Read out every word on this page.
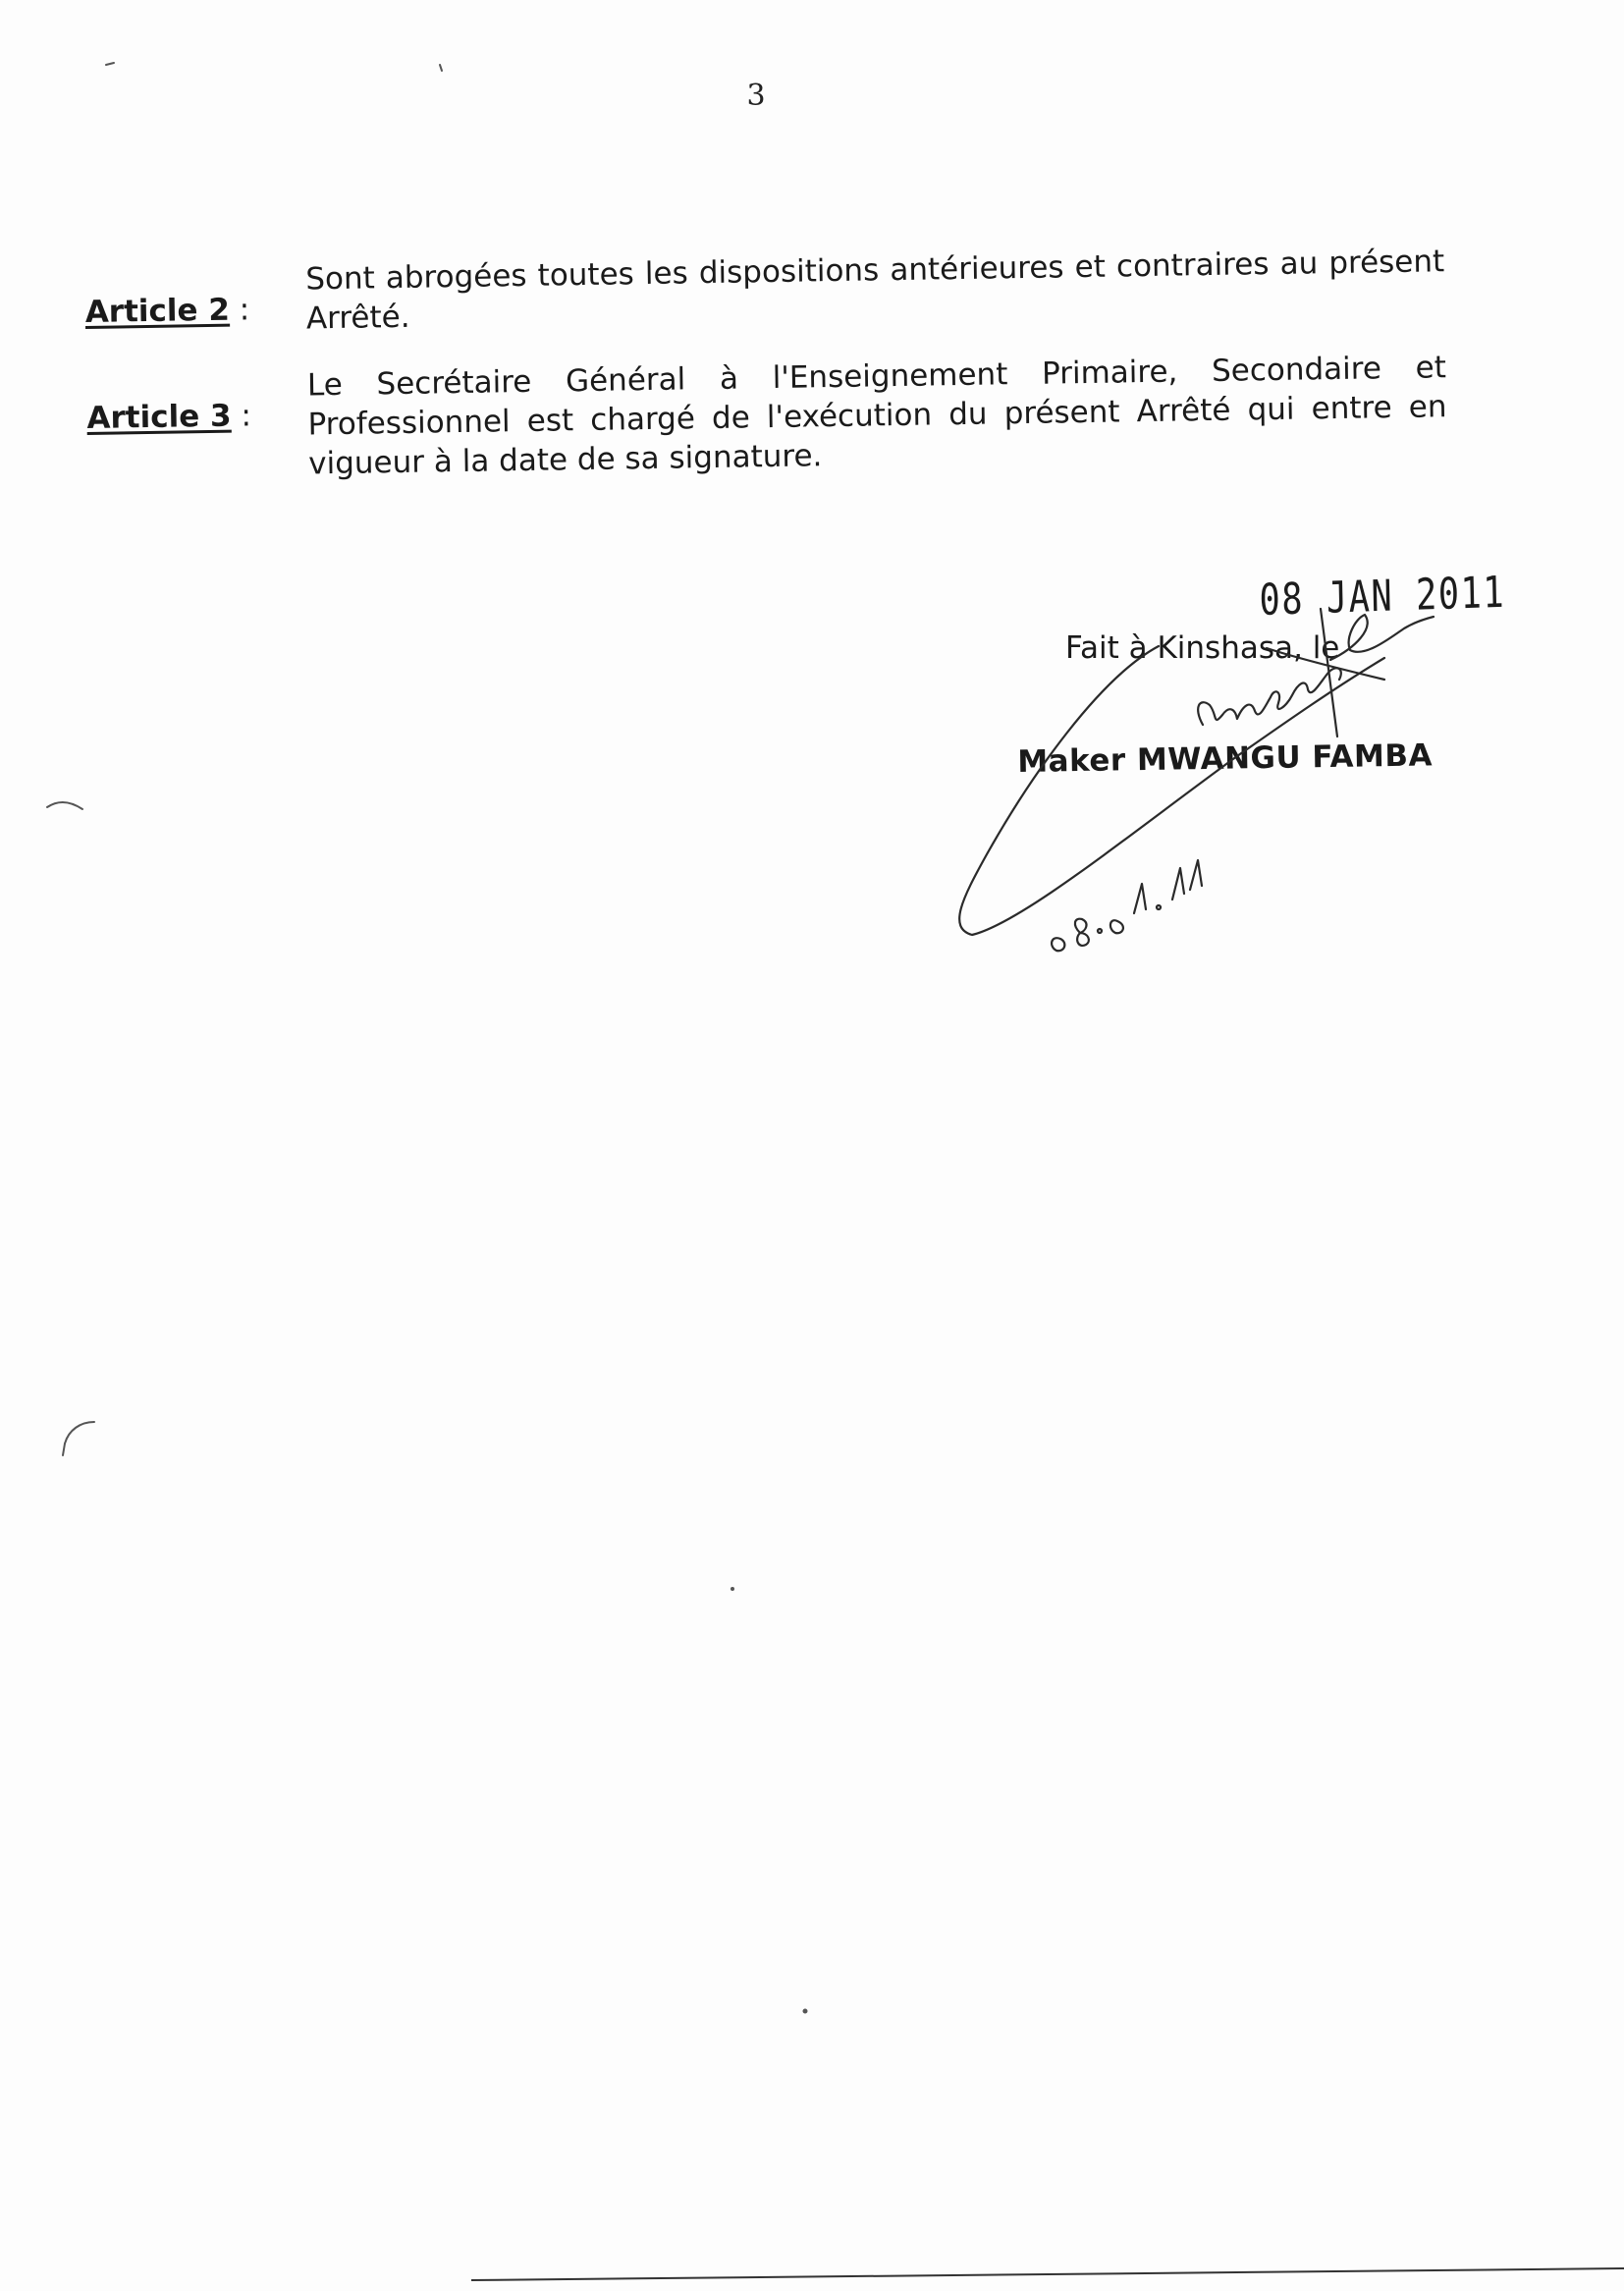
3
Article 2 :
Sont abrogées toutes les dispositions antérieures et contraires au présent Arrêté.
Article 3 :
Le Secrétaire Général à l'Enseignement Primaire, Secondaire et Professionnel est chargé de l'exécution du présent Arrêté qui entre en vigueur à la date de sa signature.
08 JAN 2011
Fait à Kinshasa, le
Maker MWANGU FAMBA
